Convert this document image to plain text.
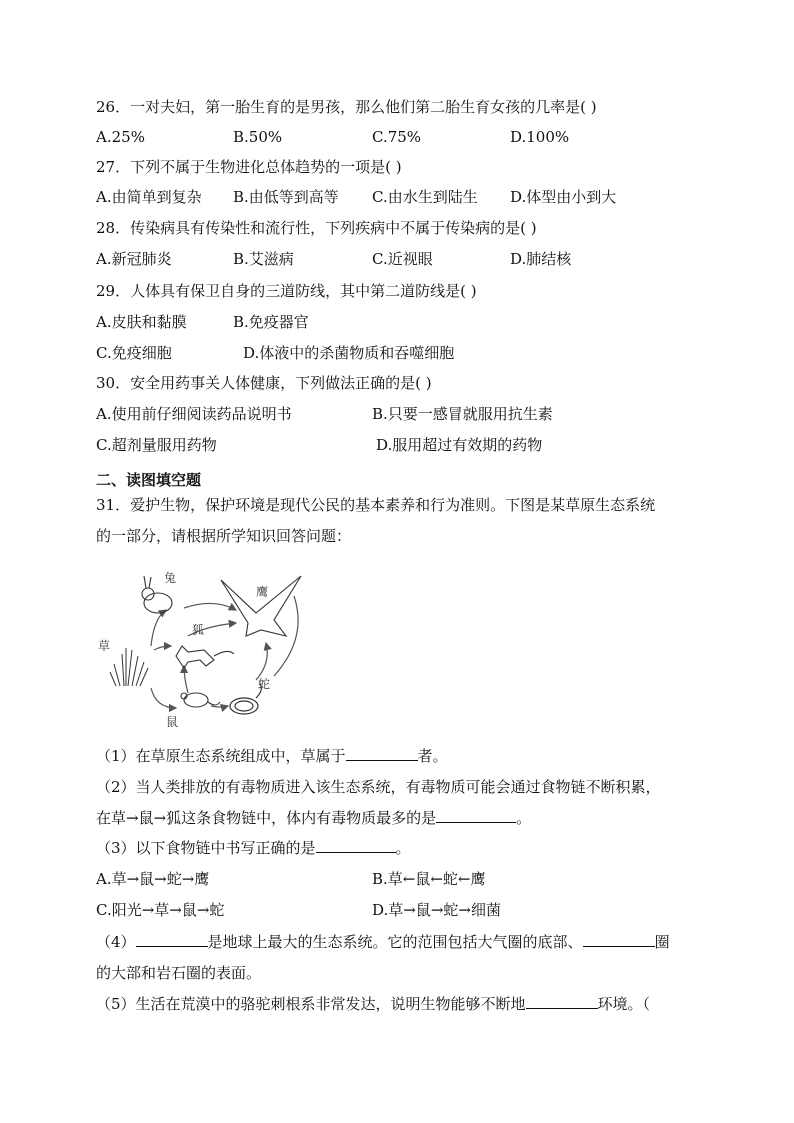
26．一对夫妇，第一胎生育的是男孩，那么他们第二胎生育女孩的几率是( )
A.25%	B.50%	C.75%	D.100%
27．下列不属于生物进化总体趋势的一项是( )
A.由简单到复杂 B.由低等到高等 C.由水生到陆生 D.体型由小到大
28．传染病具有传染性和流行性，下列疾病中不属于传染病的是( )
A.新冠肺炎	B.艾滋病	C.近视眼	D.肺结核
29．人体具有保卫自身的三道防线，其中第二道防线是( )
A.皮肤和黏膜	B.免疫器官
C.免疫细胞	D.体液中的杀菌物质和吞噬细胞
30．安全用药事关人体健康，下列做法正确的是( )
A.使用前仔细阅读药品说明书	B.只要一感冒就服用抗生素
C.超剂量服用药物	D.服用超过有效期的药物
二、读图填空题
31．爱护生物，保护环境是现代公民的基本素养和行为准则。下图是某草原生态系统
的一部分，请根据所学知识回答问题：
草
兔
鹰
狐
蛇
鼠
（1）在草原生态系统组成中，草属于	者。
（2）当人类排放的有毒物质进入该生态系统，有毒物质可能会通过食物链不断积累，
在草→鼠→狐这条食物链中，体内有毒物质最多的是	。
（3）以下食物链中书写正确的是	。
A.草→鼠→蛇→鹰	B.草←鼠←蛇←鹰
C.阳光→草→鼠→蛇	D.草→鼠→蛇→细菌
（4）	是地球上最大的生态系统。它的范围包括大气圈的底部、	圈
的大部和岩石圈的表面。
（5）生活在荒漠中的骆驼刺根系非常发达，说明生物能够不断地	环境。（
